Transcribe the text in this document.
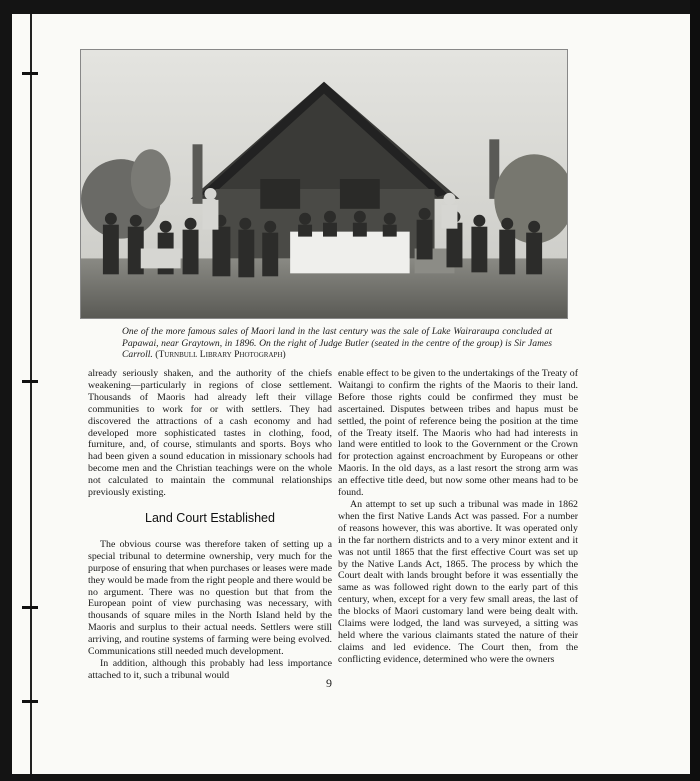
One of the more famous sales of Maori land in the last century was the sale of Lake Wairaraupa concluded at Papawai, near Graytown, in 1896. On the right of Judge Butler (seated in the centre of the group) is Sir James Carroll. (Turnbull Library Photograph)

already seriously shaken, and the authority of the chiefs weakening—particularly in regions of close settlement. Thousands of Maoris had already left their village communities to work for or with settlers. They had discovered the attractions of a cash economy and had developed more sophisticated tastes in clothing, food, furniture, and, of course, stimulants and sports. Boys who had been given a sound education in missionary schools had become men and the Christian teachings were on the whole not calculated to maintain the communal relationships previously existing.

Land Court Established

The obvious course was therefore taken of setting up a special tribunal to determine ownership, very much for the purpose of ensuring that when purchases or leases were made they would be made from the right people and there would be no argument. There was no question but that from the European point of view purchasing was necessary, with thousands of square miles in the North Island held by the Maoris and surplus to their actual needs. Settlers were still arriving, and routine systems of farming were being evolved. Communications still needed much development.

In addition, although this probably had less importance attached to it, such a tribunal would

enable effect to be given to the undertakings of the Treaty of Waitangi to confirm the rights of the Maoris to their land. Before those rights could be confirmed they must be ascertained. Disputes between tribes and hapus must be settled, the point of reference being the position at the time of the Treaty itself. The Maoris who had had interests in land were entitled to look to the Government or the Crown for protection against encroachment by Europeans or other Maoris. In the old days, as a last resort the strong arm was an effective title deed, but now some other means had to be found.

An attempt to set up such a tribunal was made in 1862 when the first Native Lands Act was passed. For a number of reasons however, this was abortive. It was operated only in the far northern districts and to a very minor extent and it was not until 1865 that the first effective Court was set up by the Native Lands Act, 1865. The process by which the Court dealt with lands brought before it was essentially the same as was followed right down to the early part of this century, when, except for a very few small areas, the last of the blocks of Maori customary land were being dealt with. Claims were lodged, the land was surveyed, a sitting was held where the various claimants stated the nature of their claims and led evidence. The Court then, from the conflicting evidence, determined who were the owners

9
